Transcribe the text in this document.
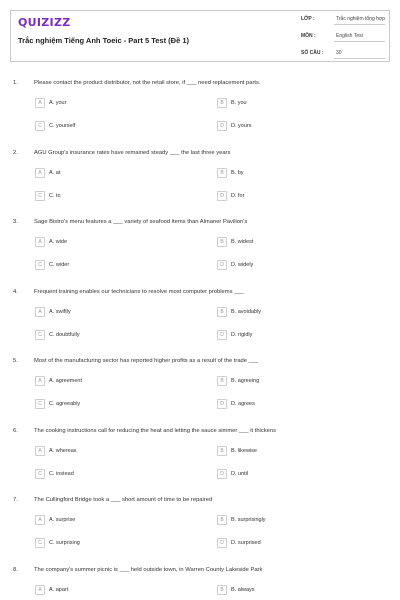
QUIZIZZ
Trắc nghiệm Tiếng Anh Toeic - Part 5 Test (Đề 1)
LỚP :	Trắc nghiệm tổng hợp
MÔN :	English Test
SỐ CÂU :	30
1.	Please contact the product distributor, not the retail store, if ___ need replacement parts.
A	A. your	B	B. you
C	C. yourself	D	D. yours
2.	AGU Group's insurance rates have remained steady ___ the last three years
A	A. at	B	B. by
C	C. to	D	D. for
3.	Sage Bistro's menu features a ___ variety of seafood items than Almaner Pavilion's
A	A. wide	B	B. widest
C	C. wider	D	D. widely
4.	Frequent training enables our technicians to resolve most computer problems ___
A	A. swiftly	B	B. avoidably
C	C. doubtfully	D	D. rigidly
5.	Most of the manufacturing sector has reported higher profits as a result of the trade ___
A	A. agreement	B	B. agreeing
C	C. agreeably	D	D. agrees
6.	The cooking instructions call for reducing the heat and letting the sauce simmer ___ it thickens
A	A. whereas	B	B. likewise
C	C. instead	D	D. until
7.	The Cullingford Bridge took a ___ short amount of time to be repaired
A	A. surprise	B	B. surprisingly
C	C. surprising	D	D. surprised
8.	The company's summer picnic is ___ held outside town, in Warren County Lakeside Park
A	A. apart	B	B. always
